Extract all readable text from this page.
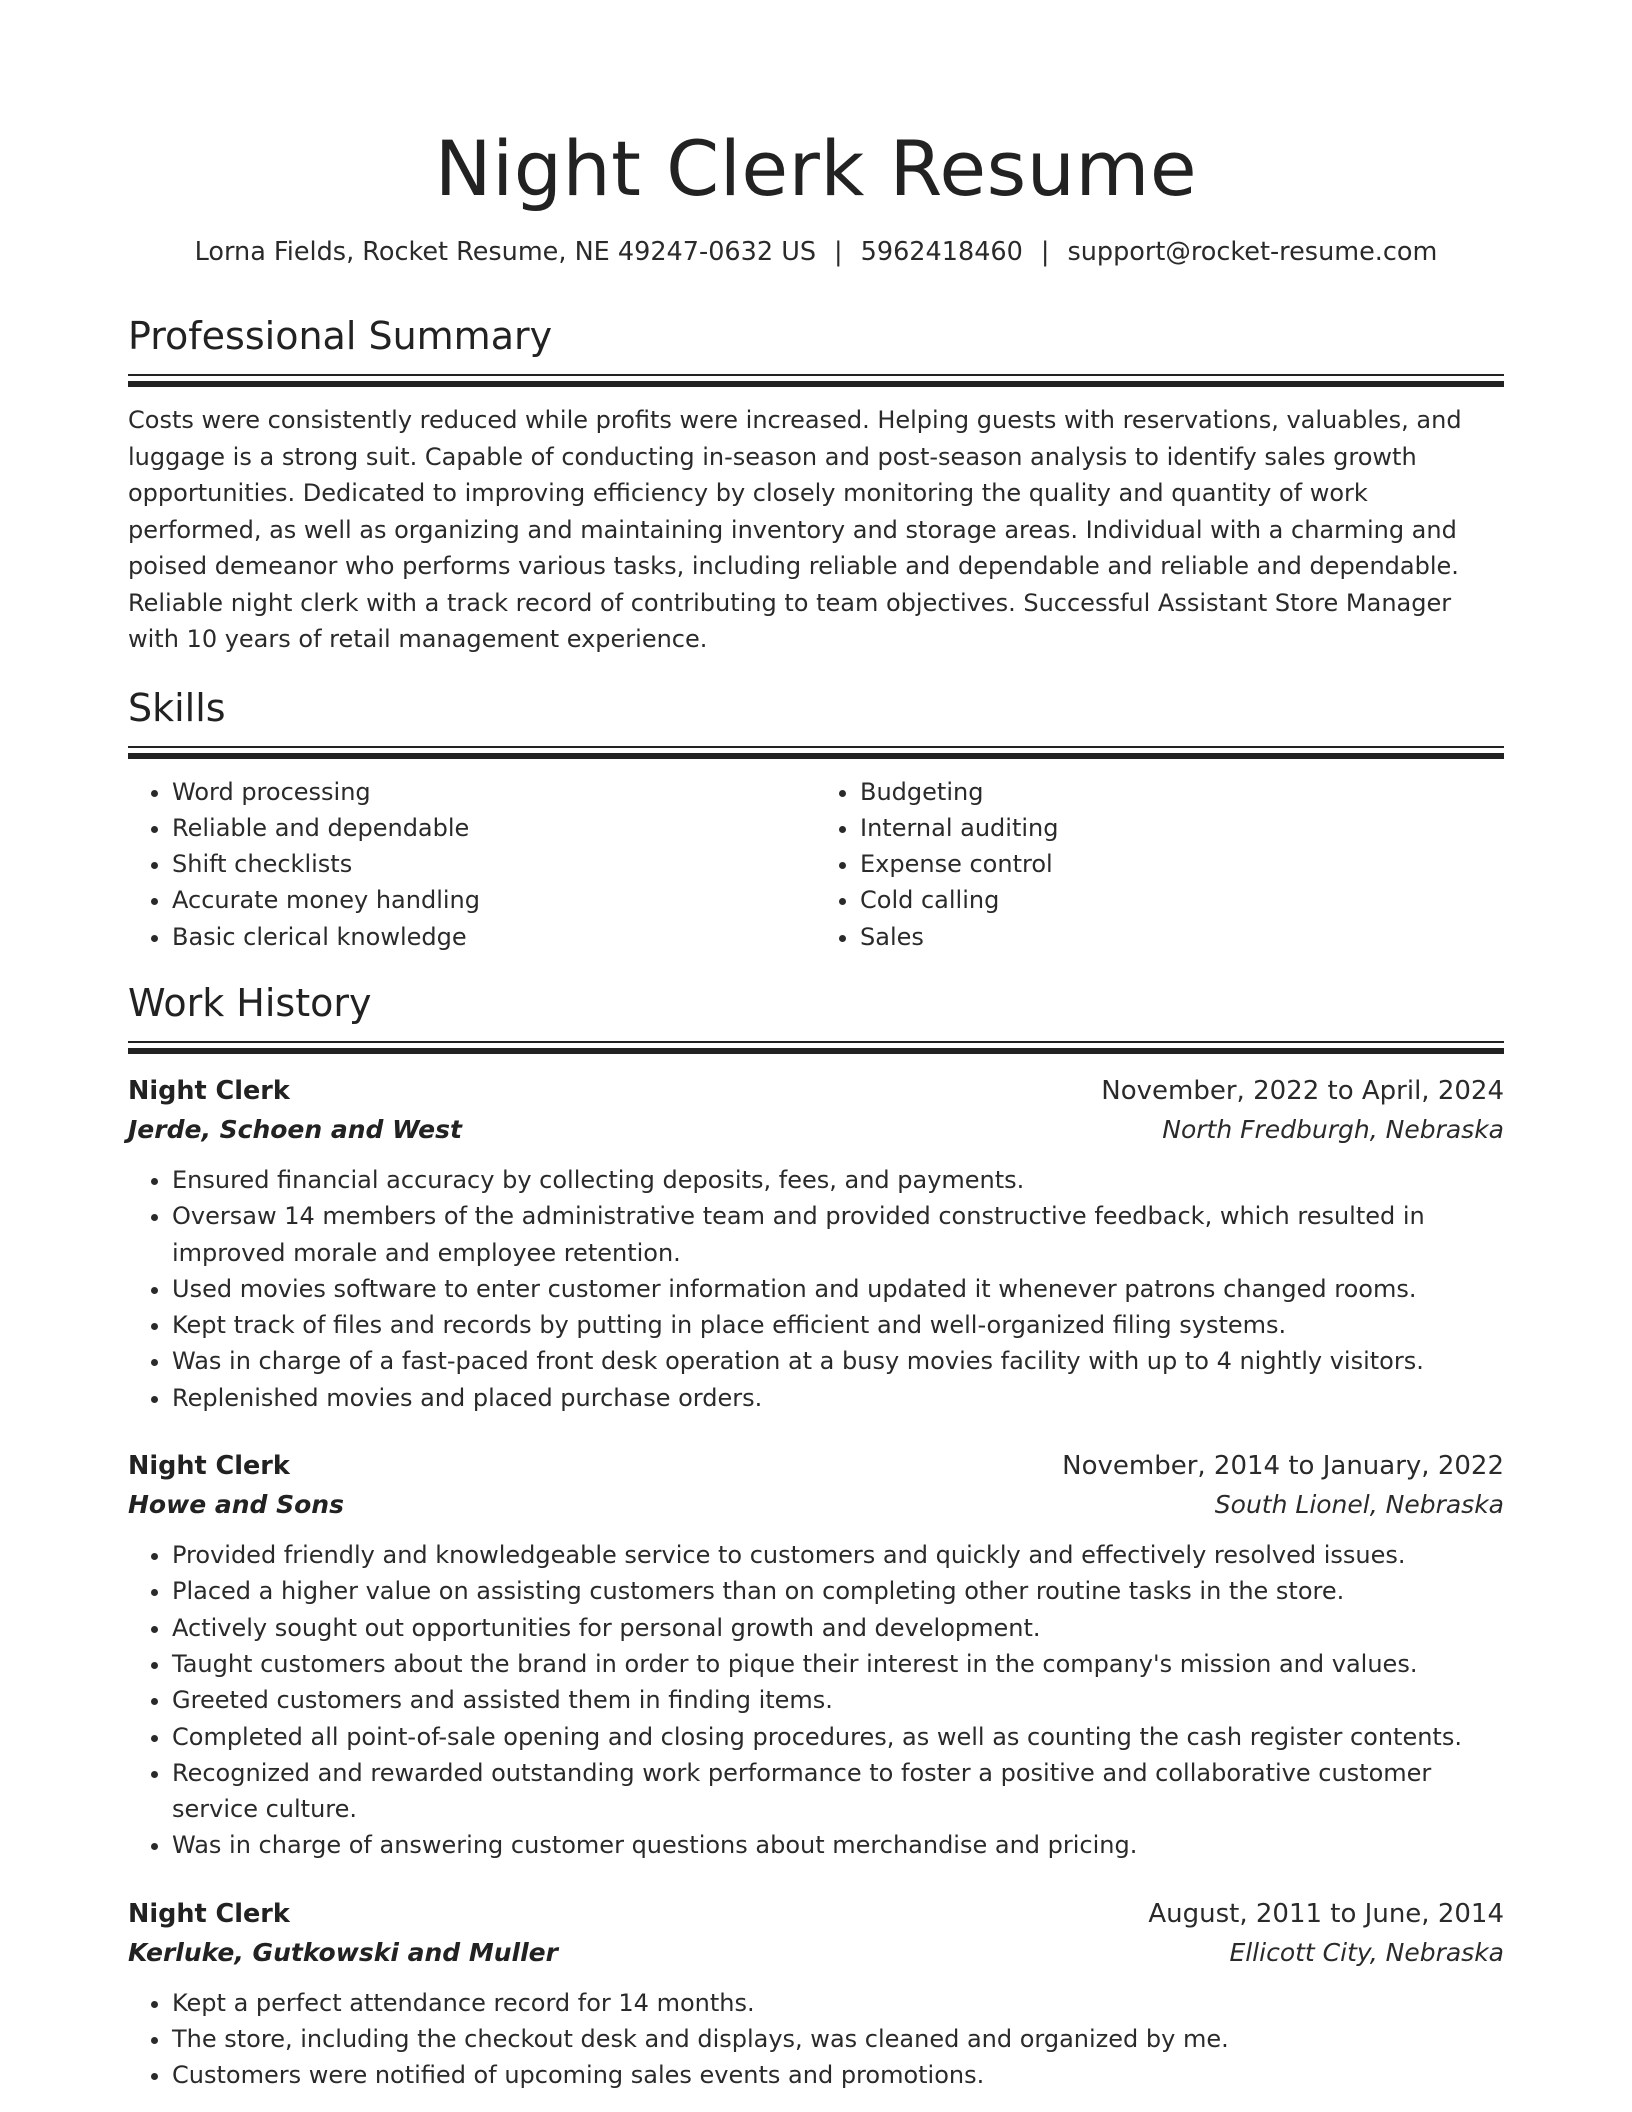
Night Clerk Resume
Lorna Fields, Rocket Resume, NE 49247-0632 US | 5962418460 | support@rocket-resume.com
Professional Summary

Costs were consistently reduced while profits were increased. Helping guests with reservations, valuables, and luggage is a strong suit. Capable of conducting in-season and post-season analysis to identify sales growth opportunities. Dedicated to improving efficiency by closely monitoring the quality and quantity of work performed, as well as organizing and maintaining inventory and storage areas. Individual with a charming and poised demeanor who performs various tasks, including reliable and dependable and reliable and dependable. Reliable night clerk with a track record of contributing to team objectives. Successful Assistant Store Manager with 10 years of retail management experience.

Skills
• Word processing
• Reliable and dependable
• Shift checklists
• Accurate money handling
• Basic clerical knowledge
• Budgeting
• Internal auditing
• Expense control
• Cold calling
• Sales
Work History
Night Clerk	November, 2022 to April, 2024
Jerde, Schoen and West	North Fredburgh, Nebraska
• Ensured financial accuracy by collecting deposits, fees, and payments.
• Oversaw 14 members of the administrative team and provided constructive feedback, which resulted in improved morale and employee retention.
• Used movies software to enter customer information and updated it whenever patrons changed rooms.
• Kept track of files and records by putting in place efficient and well-organized filing systems.
• Was in charge of a fast-paced front desk operation at a busy movies facility with up to 4 nightly visitors.
• Replenished movies and placed purchase orders.
Night Clerk	November, 2014 to January, 2022
Howe and Sons	South Lionel, Nebraska
• Provided friendly and knowledgeable service to customers and quickly and effectively resolved issues.
• Placed a higher value on assisting customers than on completing other routine tasks in the store.
• Actively sought out opportunities for personal growth and development.
• Taught customers about the brand in order to pique their interest in the company's mission and values.
• Greeted customers and assisted them in finding items.
• Completed all point-of-sale opening and closing procedures, as well as counting the cash register contents.
• Recognized and rewarded outstanding work performance to foster a positive and collaborative customer service culture.
• Was in charge of answering customer questions about merchandise and pricing.
Night Clerk	August, 2011 to June, 2014
Kerluke, Gutkowski and Muller	Ellicott City, Nebraska
• Kept a perfect attendance record for 14 months.
• The store, including the checkout desk and displays, was cleaned and organized by me.
• Customers were notified of upcoming sales events and promotions.
